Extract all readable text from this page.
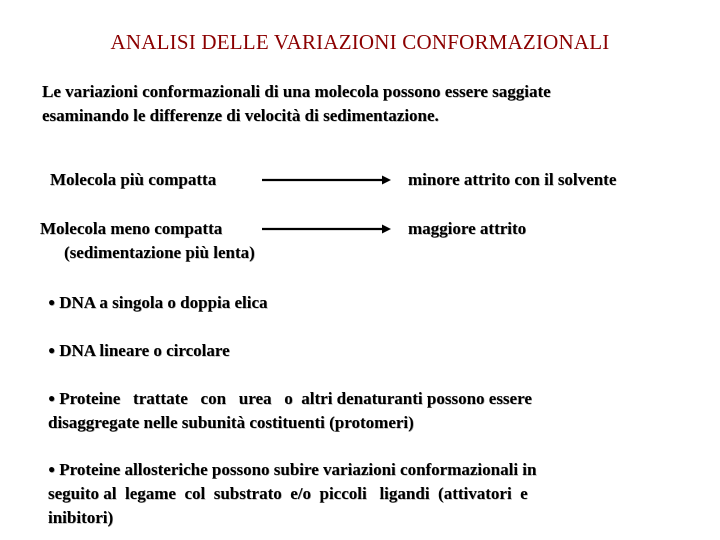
ANALISI DELLE VARIAZIONI CONFORMAZIONALI
Le variazioni conformazionali di una molecola possono essere saggiate
esaminando le differenze di velocità di sedimentazione.
Molecola più compatta	minore attrito con il solvente
Molecola meno compatta	maggiore attrito
(sedimentazione più lenta)
● DNA a singola o doppia elica
● DNA lineare o circolare
● Proteine   trattate   con   urea   o  altri denaturanti possono essere
disaggregate nelle subunità costituenti (protomeri)
● Proteine allosteriche possono subire variazioni conformazionali in
seguito al  legame  col  substrato  e/o  piccoli   ligandi  (attivatori  e
inibitori)
